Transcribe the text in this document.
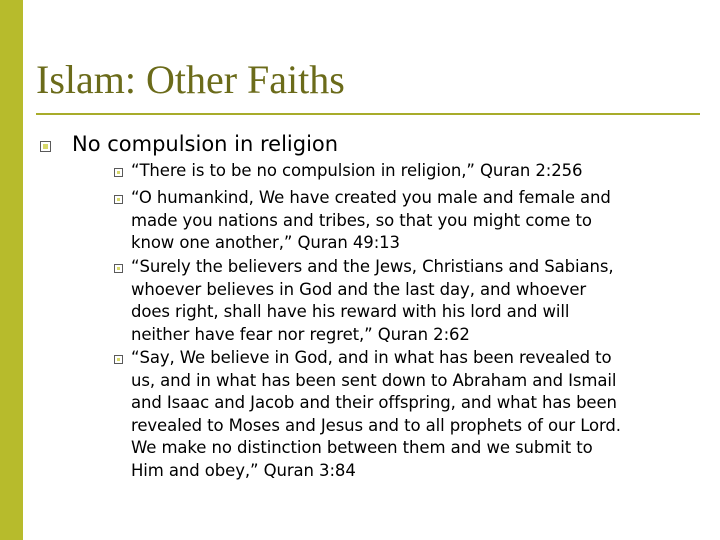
Islam: Other Faiths

No compulsion in religion

“There is to be no compulsion in religion,” Quran 2:256

“O humankind, We have created you male and female and
made you nations and tribes, so that you might come to
know one another,” Quran 49:13

“Surely the believers and the Jews, Christians and Sabians,
whoever believes in God and the last day, and whoever
does right, shall have his reward with his lord and will
neither have fear nor regret,” Quran 2:62

“Say, We believe in God, and in what has been revealed to
us, and in what has been sent down to Abraham and Ismail
and Isaac and Jacob and their offspring, and what has been
revealed to Moses and Jesus and to all prophets of our Lord.
We make no distinction between them and we submit to
Him and obey,” Quran 3:84
